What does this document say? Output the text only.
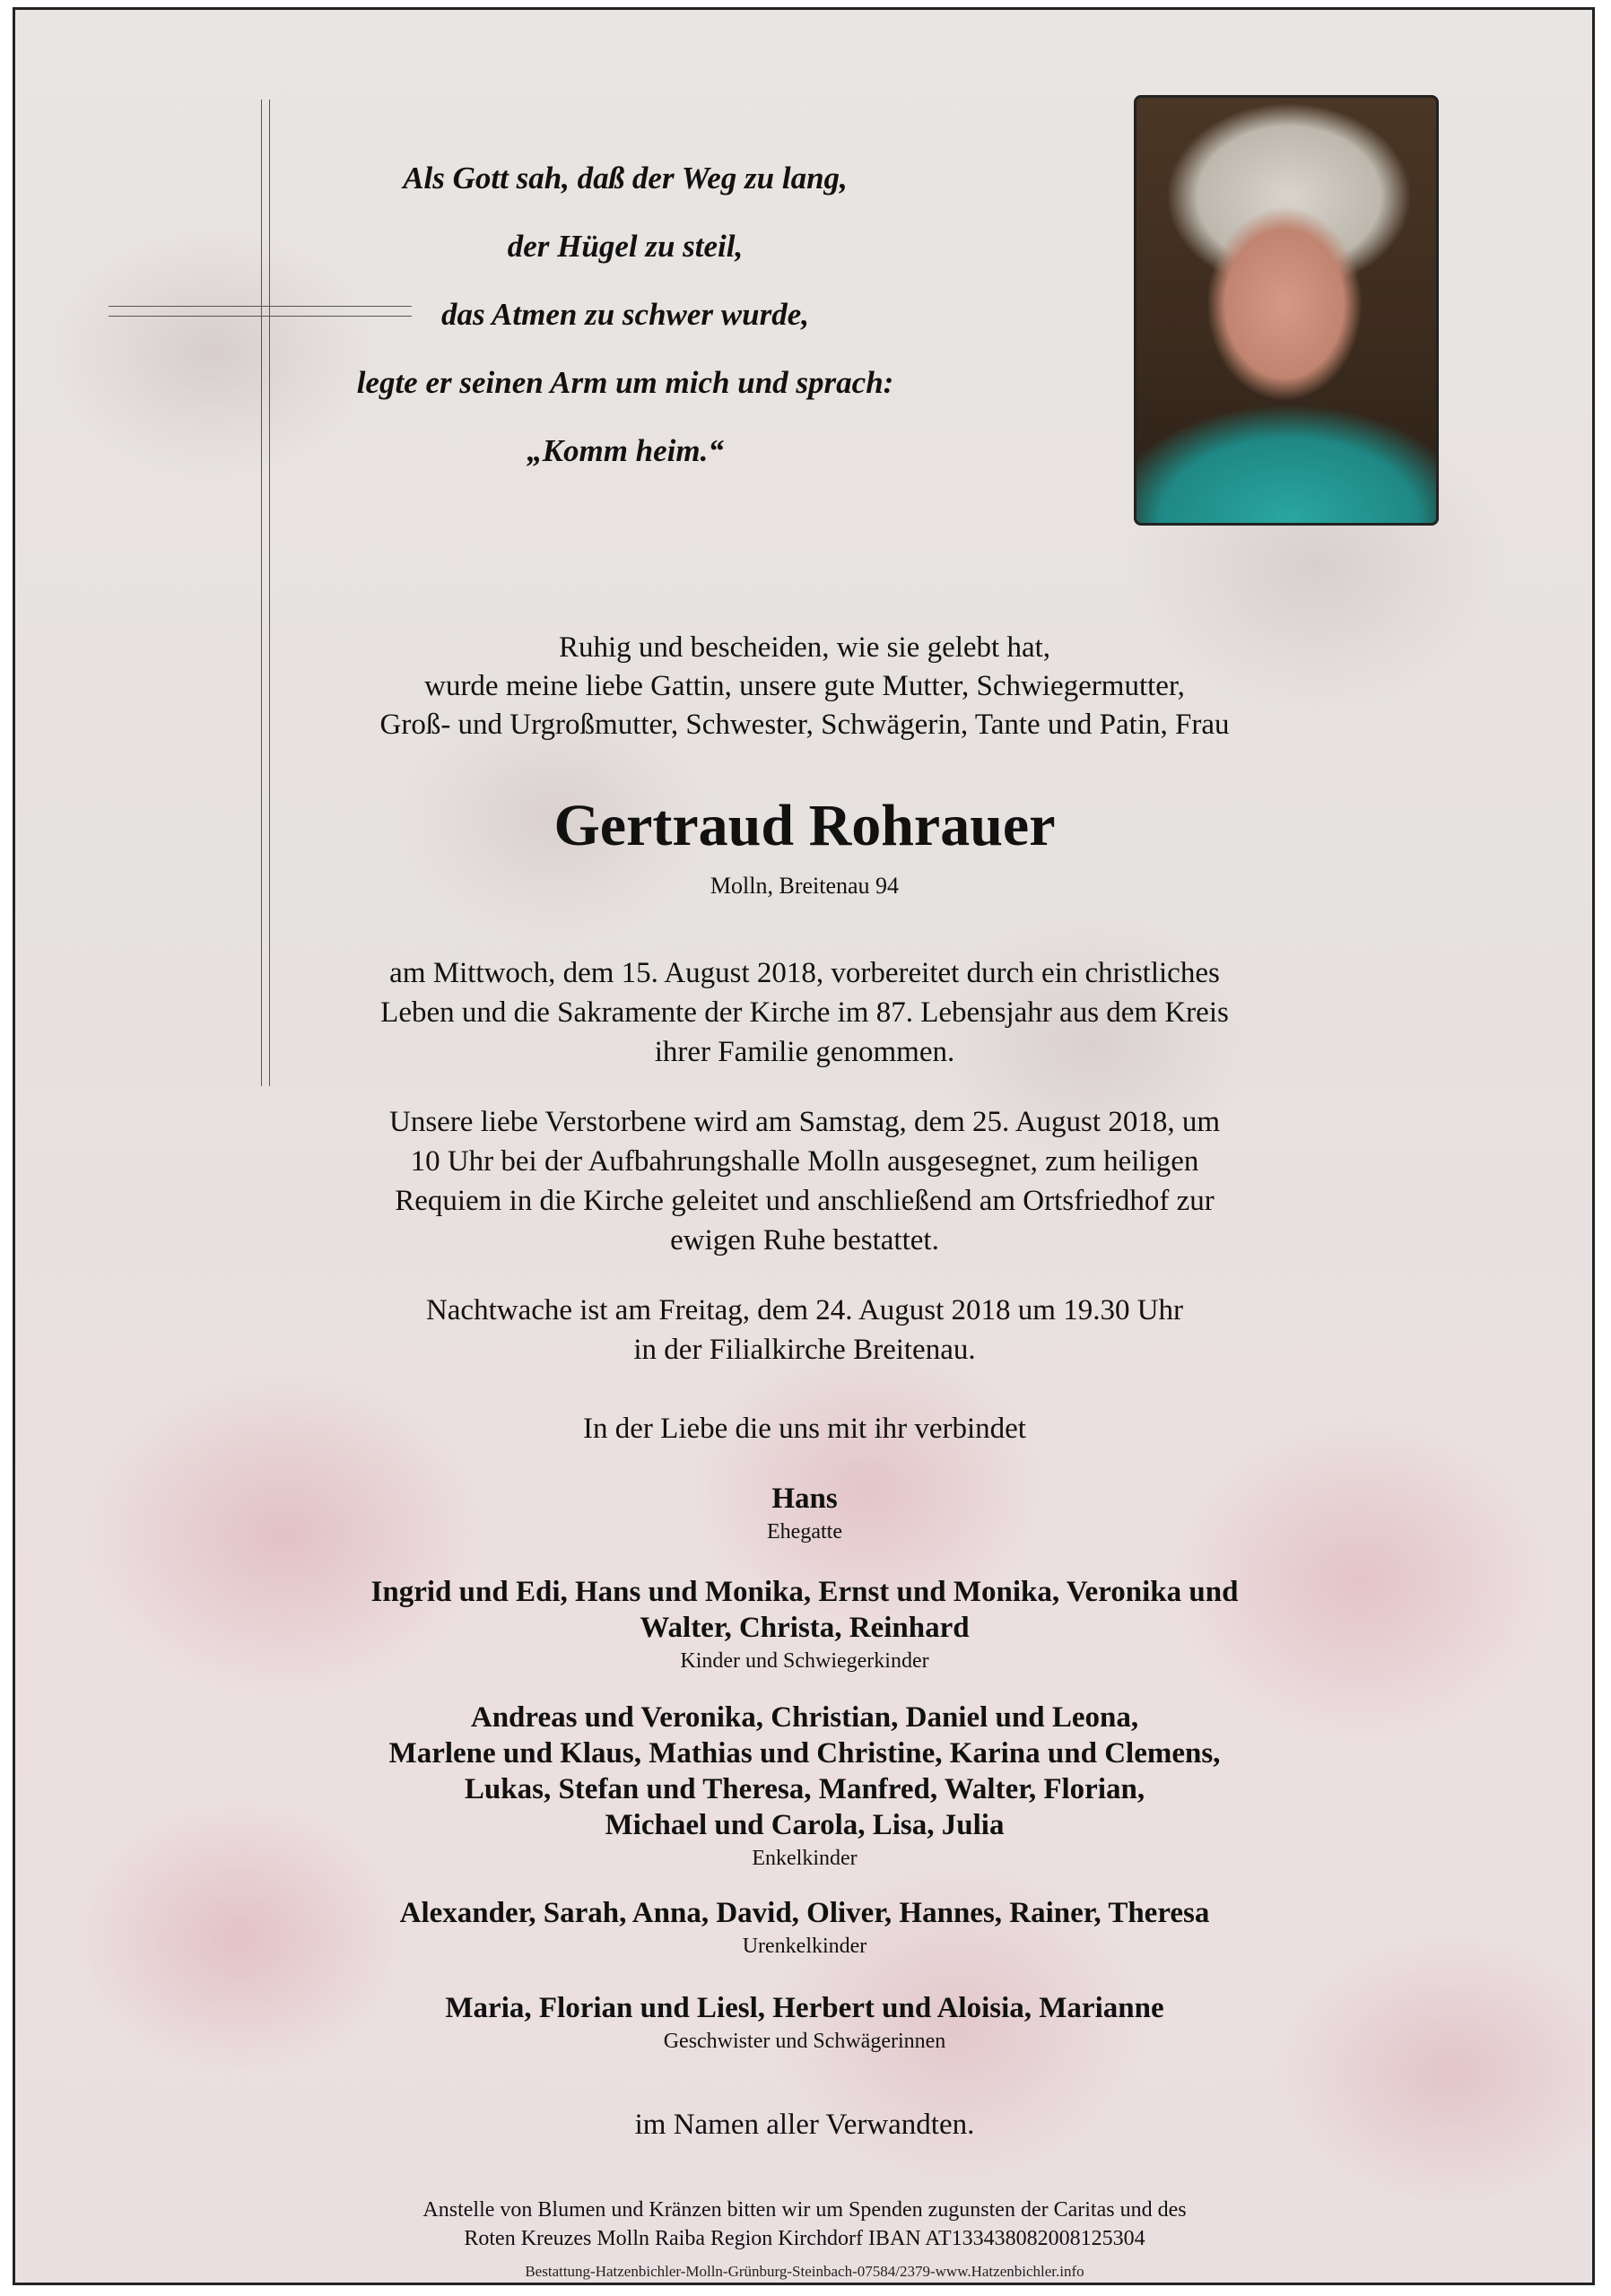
Als Gott sah, daß der Weg zu lang,
der Hügel zu steil,
das Atmen zu schwer wurde,
legte er seinen Arm um mich und sprach:
„Komm heim.“
Ruhig und bescheiden, wie sie gelebt hat,
wurde meine liebe Gattin, unsere gute Mutter, Schwiegermutter,
Groß- und Urgroßmutter, Schwester, Schwägerin, Tante und Patin, Frau
Gertraud Rohrauer
Molln, Breitenau 94
am Mittwoch, dem 15. August 2018, vorbereitet durch ein christliches
Leben und die Sakramente der Kirche im 87. Lebensjahr aus dem Kreis
ihrer Familie genommen.
Unsere liebe Verstorbene wird am Samstag, dem 25. August 2018, um
10 Uhr bei der Aufbahrungshalle Molln ausgesegnet, zum heiligen
Requiem in die Kirche geleitet und anschließend am Ortsfriedhof zur
ewigen Ruhe bestattet.
Nachtwache ist am Freitag, dem 24. August 2018 um 19.30 Uhr
in der Filialkirche Breitenau.
In der Liebe die uns mit ihr verbindet
Hans
Ehegatte
Ingrid und Edi, Hans und Monika, Ernst und Monika, Veronika und
Walter, Christa, Reinhard
Kinder und Schwiegerkinder
Andreas und Veronika, Christian, Daniel und Leona,
Marlene und Klaus, Mathias und Christine, Karina und Clemens,
Lukas, Stefan und Theresa, Manfred, Walter, Florian,
Michael und Carola, Lisa, Julia
Enkelkinder
Alexander, Sarah, Anna, David, Oliver, Hannes, Rainer, Theresa
Urenkelkinder
Maria, Florian und Liesl, Herbert und Aloisia, Marianne
Geschwister und Schwägerinnen
im Namen aller Verwandten.
Anstelle von Blumen und Kränzen bitten wir um Spenden zugunsten der Caritas und des
Roten Kreuzes Molln Raiba Region Kirchdorf IBAN AT133438082008125304
Bestattung-Hatzenbichler-Molln-Grünburg-Steinbach-07584/2379-www.Hatzenbichler.info
